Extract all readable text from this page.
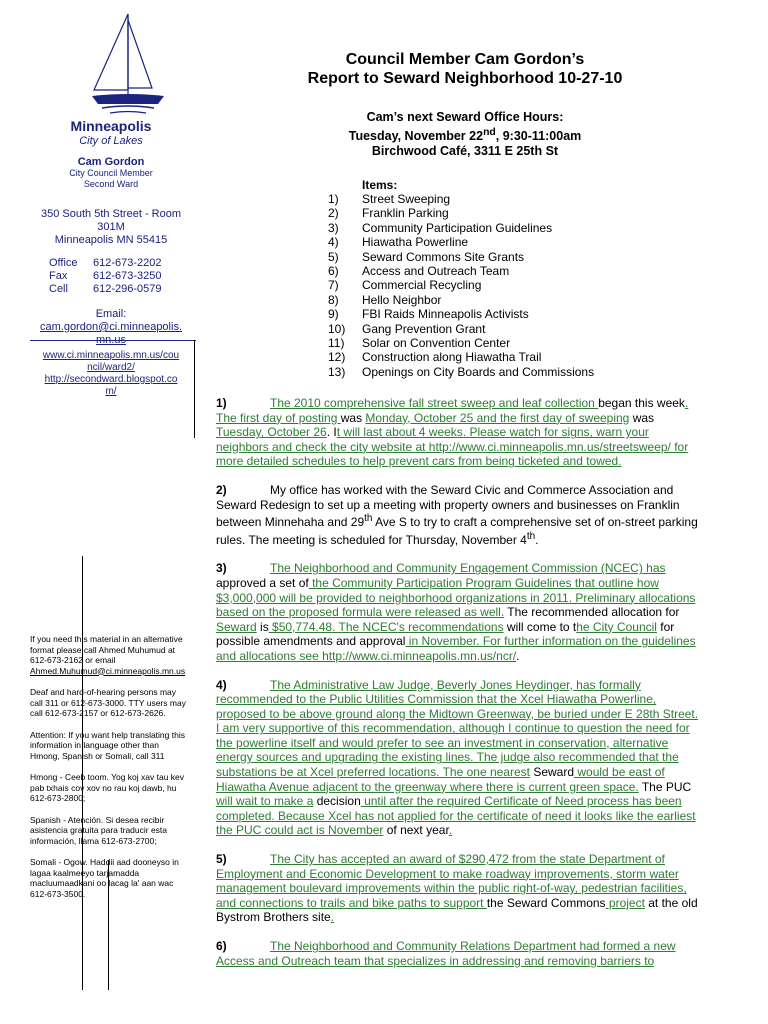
Minneapolis
City of Lakes
Cam Gordon
City Council Member
Second Ward
350 South 5th Street - Room
301M
Minneapolis MN 55415
Office 612-673-2202
Fax 612-673-3250
Cell 612-296-0579
Email:
cam.gordon@ci.minneapolis.
mn.us
www.ci.minneapolis.mn.us/cou
ncil/ward2/
http://secondward.blogspot.co
m/

If you need this material in an alternative format please call Ahmed Muhumud at 612-673-2162 or email
Ahmed.Muhumud@ci.minneapolis.mn.us

Deaf and hard-of-hearing persons may call 311 or 612-673-3000. TTY users may call 612-673-2157 or 612-673-2626.

Attention: If you want help translating this information in language other than Hmong, Spanish or Somali, call 311

Hmong - Ceeb toom. Yog koj xav tau kev pab txhais cov xov no rau koj dawb, hu 612-673-2800;

Spanish - Atención. Si desea recibir asistencia gratuita para traducir esta información, llama 612-673-2700;

Somali - Ogow. Haddii aad dooneyso in lagaa kaalmeeyo tarjamadda macluumaadkani oo lacag la' aan wac 612-673-3500.

Council Member Cam Gordon’s
Report to Seward Neighborhood 10-27-10
Cam’s next Seward Office Hours:
Tuesday, November 22nd, 9:30-11:00am
Birchwood Café, 3311 E 25th St
Items:
1) Street Sweeping
2) Franklin Parking
3) Community Participation Guidelines
4) Hiawatha Powerline
5) Seward Commons Site Grants
6) Access and Outreach Team
7) Commercial Recycling
8) Hello Neighbor
9) FBI Raids Minneapolis Activists
10) Gang Prevention Grant
11) Solar on Convention Center
12) Construction along Hiawatha Trail
13) Openings on City Boards and Commissions

1)	The 2010 comprehensive fall street sweep and leaf collection began this week. The first day of posting was Monday, October 25 and the first day of sweeping was Tuesday, October 26. It will last about 4 weeks. Please watch for signs, warn your neighbors and check the city website at http://www.ci.minneapolis.mn.us/streetsweep/ for more detailed schedules to help prevent cars from being ticketed and towed.

2)	My office has worked with the Seward Civic and Commerce Association and Seward Redesign to set up a meeting with property owners and businesses on Franklin between Minnehaha and 29th Ave S to try to craft a comprehensive set of on-street parking rules. The meeting is scheduled for Thursday, November 4th.

3)	The Neighborhood and Community Engagement Commission (NCEC) has approved a set of the Community Participation Program Guidelines that outline how $3,000,000 will be provided to neighborhood organizations in 2011. Preliminary allocations based on the proposed formula were released as well. The recommended allocation for Seward is $50,774.48. The NCEC's recommendations will come to the City Council for possible amendments and approval in November. For further information on the guidelines and allocations see http://www.ci.minneapolis.mn.us/ncr/.

4)	The Administrative Law Judge, Beverly Jones Heydinger, has formally recommended to the Public Utilities Commission that the Xcel Hiawatha Powerline, proposed to be above ground along the Midtown Greenway, be buried under E 28th Street. I am very supportive of this recommendation, although I continue to question the need for the powerline itself and would prefer to see an investment in conservation, alternative energy sources and upgrading the existing lines. The judge also recommended that the substations be at Xcel preferred locations. The one nearest Seward would be east of Hiawatha Avenue adjacent to the greenway where there is current green space. The PUC will wait to make a decision until after the required Certificate of Need process has been completed. Because Xcel has not applied for the certificate of need it looks like the earliest the PUC could act is November of next year.

5)	The City has accepted an award of $290,472 from the state Department of Employment and Economic Development to make roadway improvements, storm water management boulevard improvements within the public right-of-way, pedestrian facilities, and connections to trails and bike paths to support the Seward Commons project at the old Bystrom Brothers site.

6)	The Neighborhood and Community Relations Department had formed a new Access and Outreach team that specializes in addressing and removing barriers to
